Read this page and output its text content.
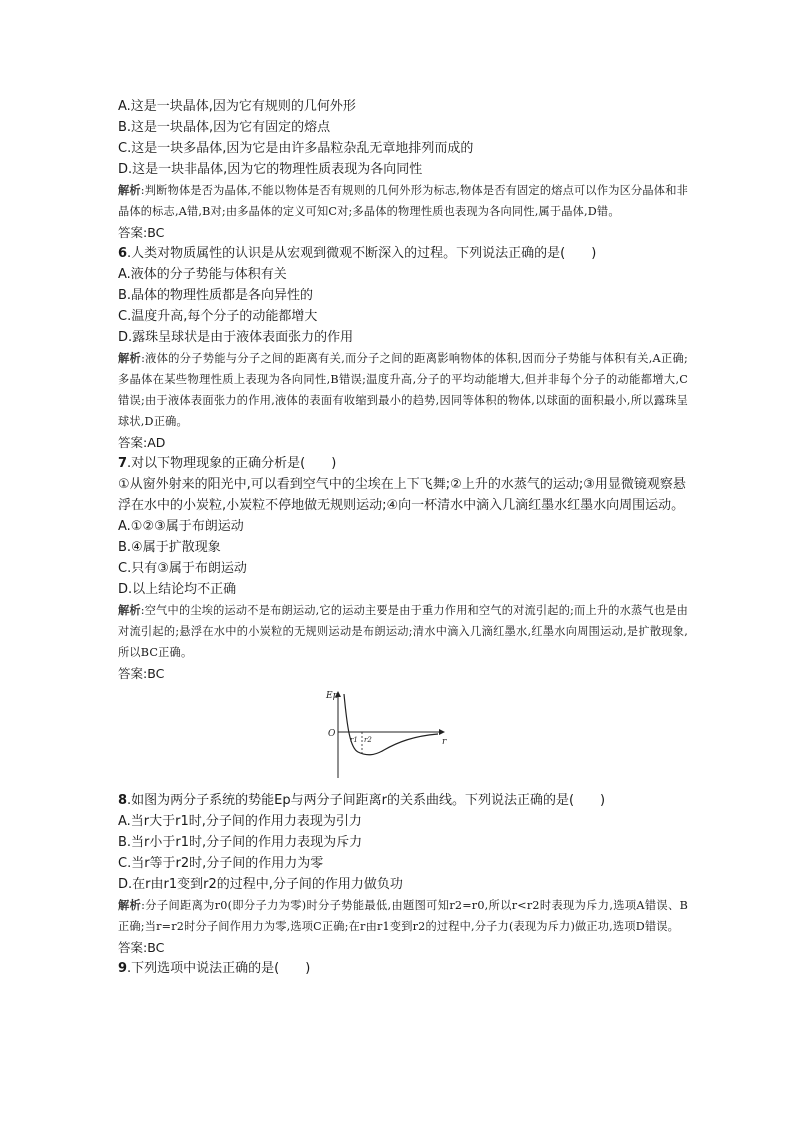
A.这是一块晶体,因为它有规则的几何外形
B.这是一块晶体,因为它有固定的熔点
C.这是一块多晶体,因为它是由许多晶粒杂乱无章地排列而成的
D.这是一块非晶体,因为它的物理性质表现为各向同性
解析:判断物体是否为晶体,不能以物体是否有规则的几何外形为标志,物体是否有固定的熔点可以作为区分晶体和非晶体的标志,A错,B对;由多晶体的定义可知C对;多晶体的物理性质也表现为各向同性,属于晶体,D错。
答案:BC
6.人类对物质属性的认识是从宏观到微观不断深入的过程。下列说法正确的是(　　)
A.液体的分子势能与体积有关
B.晶体的物理性质都是各向异性的
C.温度升高,每个分子的动能都增大
D.露珠呈球状是由于液体表面张力的作用
解析:液体的分子势能与分子之间的距离有关,而分子之间的距离影响物体的体积,因而分子势能与体积有关,A正确;多晶体在某些物理性质上表现为各向同性,B错误;温度升高,分子的平均动能增大,但并非每个分子的动能都增大,C错误;由于液体表面张力的作用,液体的表面有收缩到最小的趋势,因同等体积的物体,以球面的面积最小,所以露珠呈球状,D正确。
答案:AD
7.对以下物理现象的正确分析是(　　)
①从窗外射来的阳光中,可以看到空气中的尘埃在上下飞舞;②上升的水蒸气的运动;③用显微镜观察悬浮在水中的小炭粒,小炭粒不停地做无规则运动;④向一杯清水中滴入几滴红墨水红墨水向周围运动。
A.①②③属于布朗运动
B.④属于扩散现象
C.只有③属于布朗运动
D.以上结论均不正确
解析:空气中的尘埃的运动不是布朗运动,它的运动主要是由于重力作用和空气的对流引起的;而上升的水蒸气也是由对流引起的;悬浮在水中的小炭粒的无规则运动是布朗运动;清水中滴入几滴红墨水,红墨水向周围运动,是扩散现象,所以BC正确。
答案:BC
Ep
O
r
r1 r2
8.如图为两分子系统的势能Ep与两分子间距离r的关系曲线。下列说法正确的是(　　)
A.当r大于r1时,分子间的作用力表现为引力
B.当r小于r1时,分子间的作用力表现为斥力
C.当r等于r2时,分子间的作用力为零
D.在r由r1变到r2的过程中,分子间的作用力做负功
解析:分子间距离为r0(即分子力为零)时分子势能最低,由题图可知r2=r0,所以r<r2时表现为斥力,选项A错误、B正确;当r=r2时分子间作用力为零,选项C正确;在r由r1变到r2的过程中,分子力(表现为斥力)做正功,选项D错误。
答案:BC
9.下列选项中说法正确的是(　　)
